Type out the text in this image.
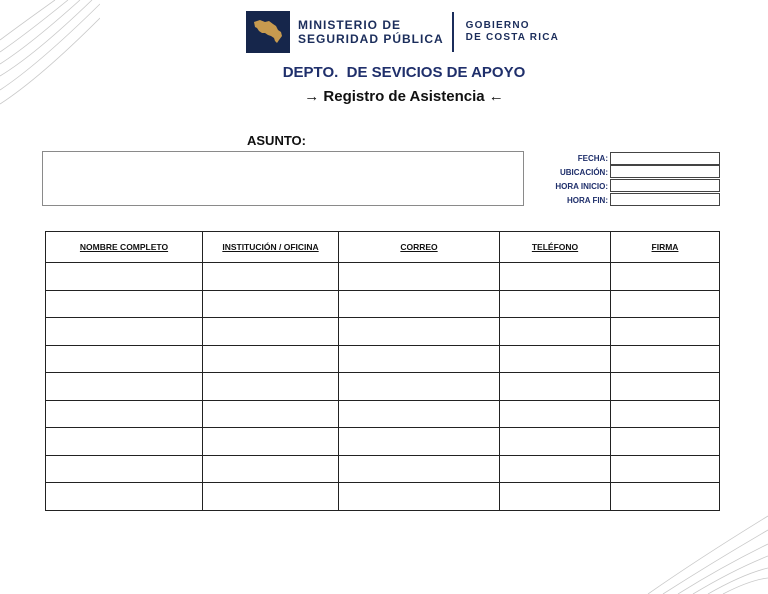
MINISTERIO DE
SEGURIDAD PÚBLICA
GOBIERNO
DE COSTA RICA
DEPTO.  DE SEVICIOS DE APOYO
→ Registro de Asistencia ←
ASUNTO:
FECHA:
UBICACIÓN:
HORA INICIO:
HORA FIN:
NOMBRE COMPLETO	INSTITUCIÓN / OFICINA	CORREO	TELÉFONO	FIRMA
